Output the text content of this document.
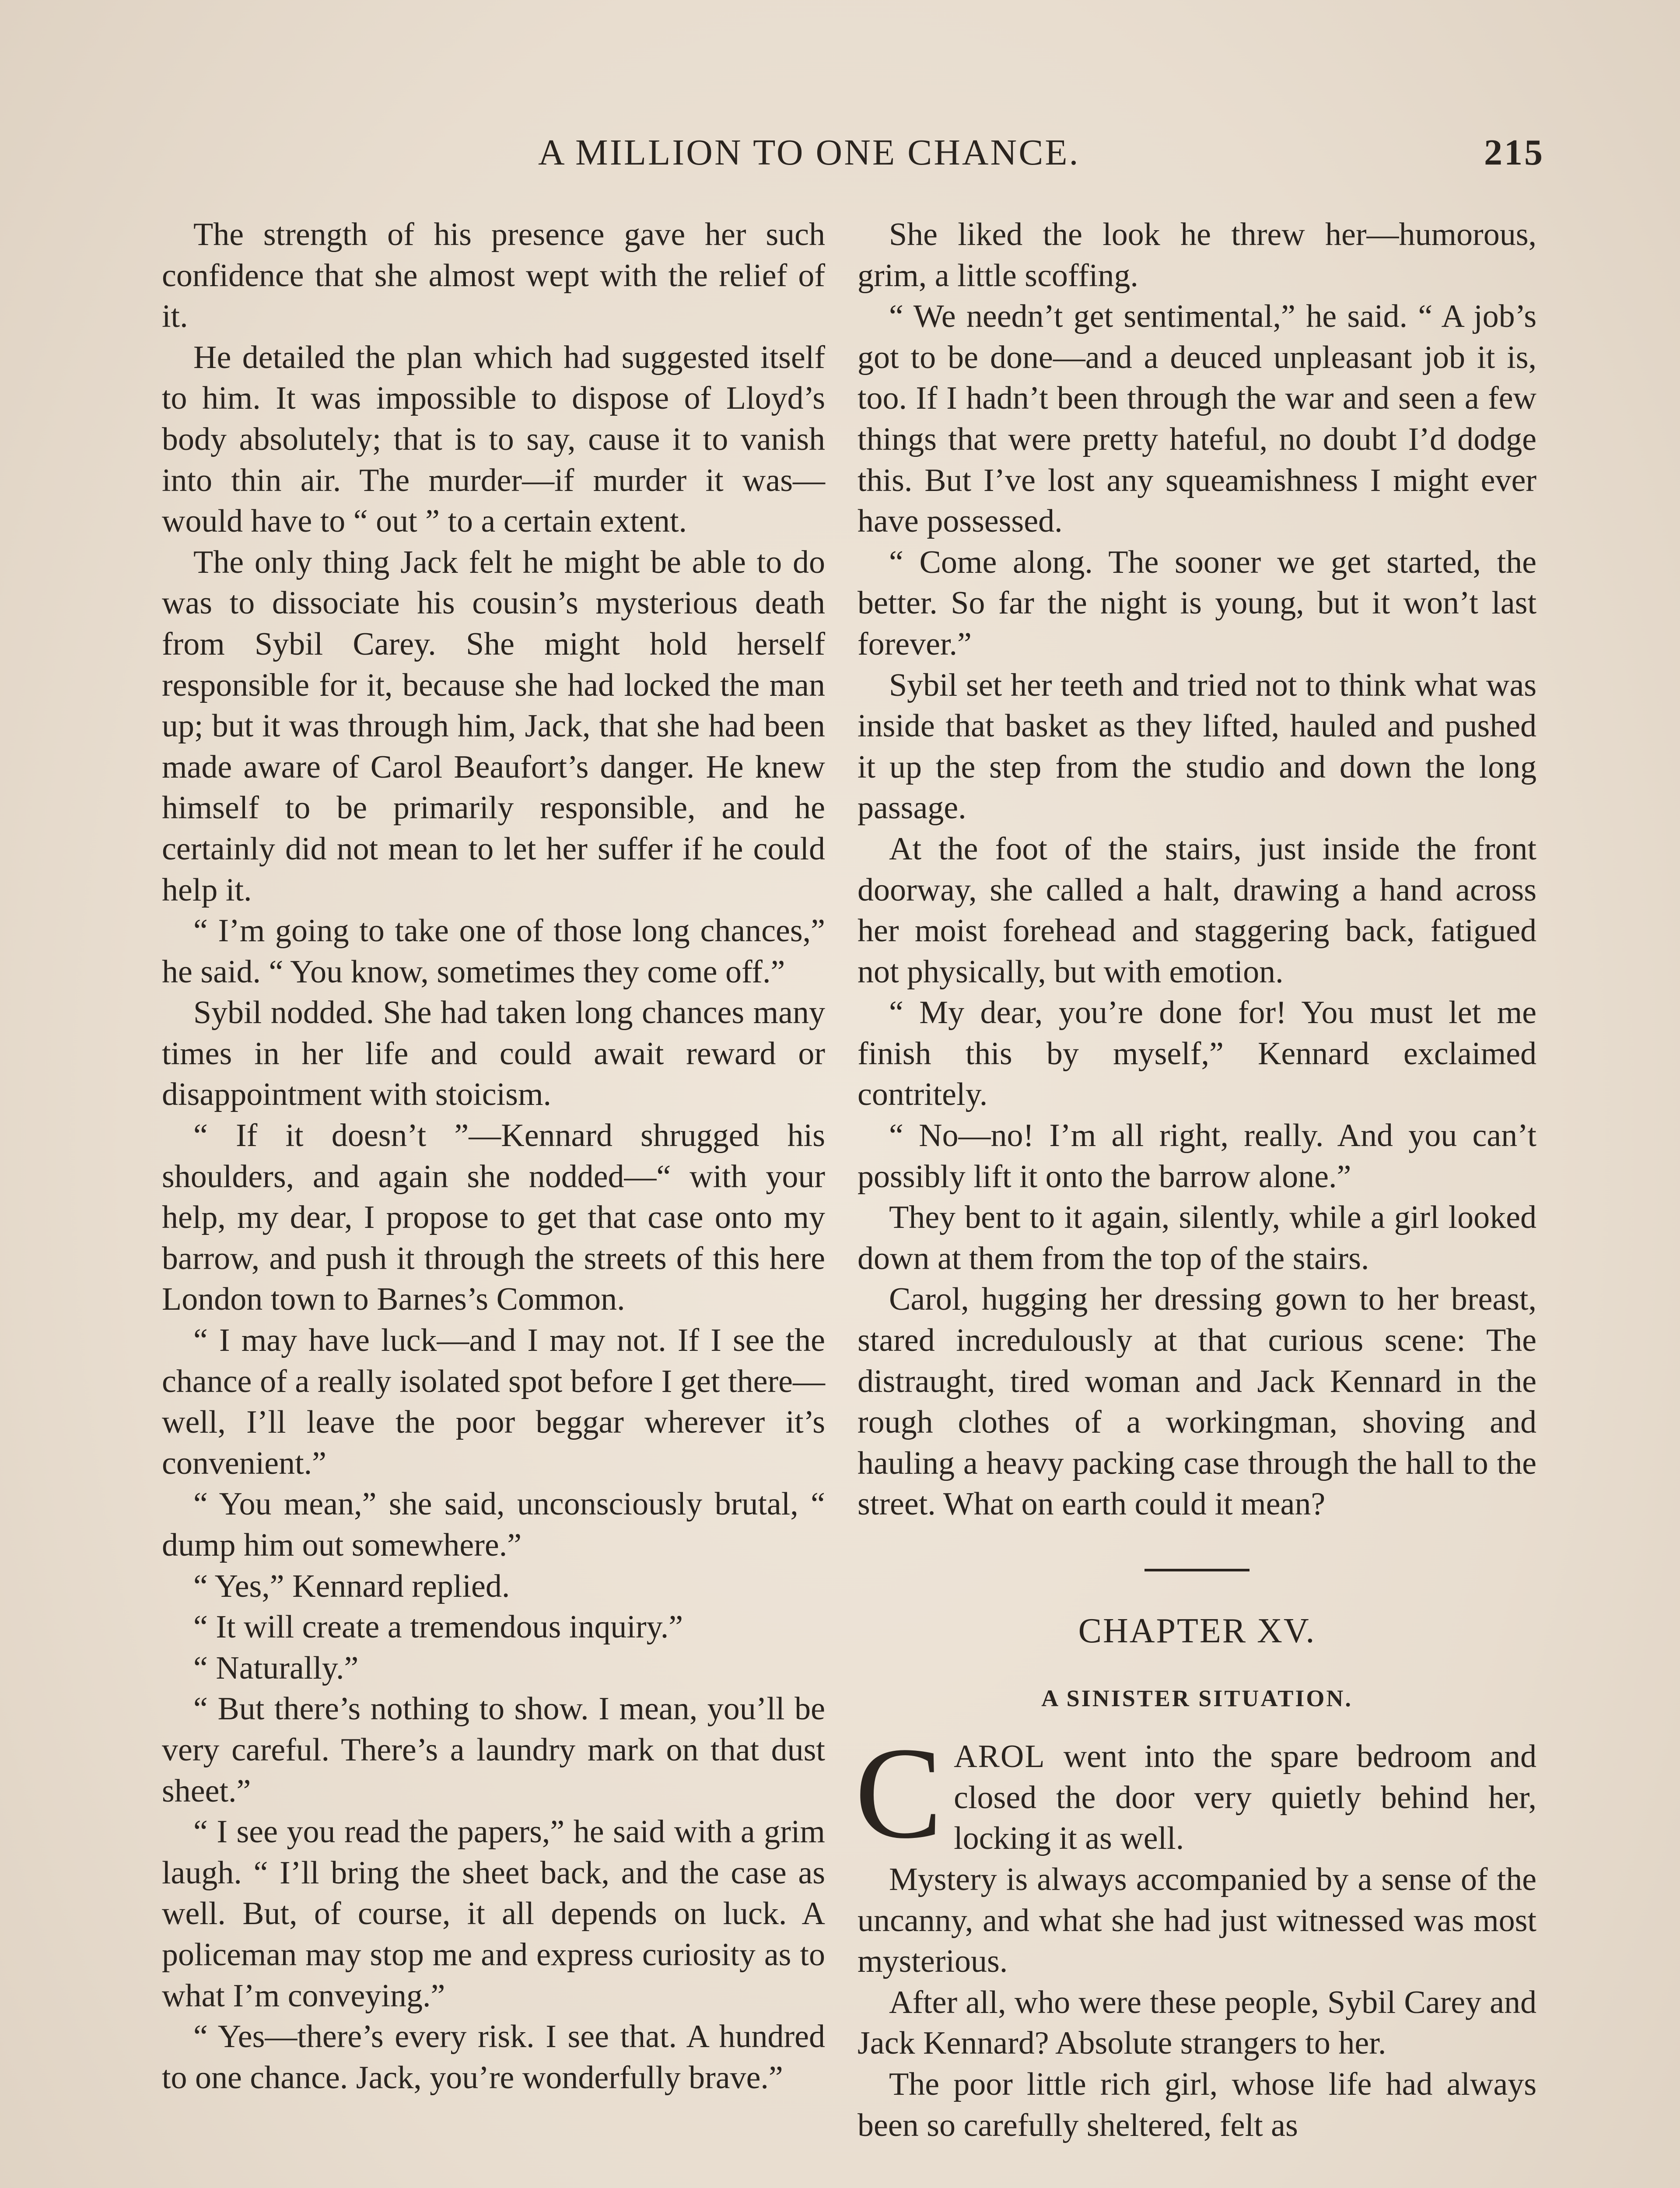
A MILLION TO ONE CHANCE.	215

The strength of his presence gave her such confidence that she almost wept with the relief of it.

He detailed the plan which had suggested itself to him. It was impossible to dispose of Lloyd’s body absolutely; that is to say, cause it to vanish into thin air. The murder—if murder it was—would have to “ out ” to a certain extent.

The only thing Jack felt he might be able to do was to dissociate his cousin’s mysterious death from Sybil Carey. She might hold herself responsible for it, because she had locked the man up; but it was through him, Jack, that she had been made aware of Carol Beaufort’s danger. He knew himself to be primarily responsible, and he certainly did not mean to let her suffer if he could help it.

“ I’m going to take one of those long chances,” he said. “ You know, sometimes they come off.”

Sybil nodded. She had taken long chances many times in her life and could await reward or disappointment with stoicism.

“ If it doesn’t ”—Kennard shrugged his shoulders, and again she nodded—“ with your help, my dear, I propose to get that case onto my barrow, and push it through the streets of this here London town to Barnes’s Common.

“ I may have luck—and I may not. If I see the chance of a really isolated spot before I get there—well, I’ll leave the poor beggar wherever it’s convenient.”

“ You mean,” she said, unconsciously brutal, “ dump him out somewhere.”

“ Yes,” Kennard replied.

“ It will create a tremendous inquiry.”

“ Naturally.”

“ But there’s nothing to show. I mean, you’ll be very careful. There’s a laundry mark on that dust sheet.”

“ I see you read the papers,” he said with a grim laugh. “ I’ll bring the sheet back, and the case as well. But, of course, it all depends on luck. A policeman may stop me and express curiosity as to what I’m conveying.”

“ Yes—there’s every risk. I see that. A hundred to one chance. Jack, you’re wonderfully brave.”

She liked the look he threw her—humorous, grim, a little scoffing.

“ We needn’t get sentimental,” he said. “ A job’s got to be done—and a deuced unpleasant job it is, too. If I hadn’t been through the war and seen a few things that were pretty hateful, no doubt I’d dodge this. But I’ve lost any squeamishness I might ever have possessed.

“ Come along. The sooner we get started, the better. So far the night is young, but it won’t last forever.”

Sybil set her teeth and tried not to think what was inside that basket as they lifted, hauled and pushed it up the step from the studio and down the long passage.

At the foot of the stairs, just inside the front doorway, she called a halt, drawing a hand across her moist forehead and staggering back, fatigued not physically, but with emotion.

“ My dear, you’re done for! You must let me finish this by myself,” Kennard exclaimed contritely.

“ No—no! I’m all right, really. And you can’t possibly lift it onto the barrow alone.”

They bent to it again, silently, while a girl looked down at them from the top of the stairs.

Carol, hugging her dressing gown to her breast, stared incredulously at that curious scene: The distraught, tired woman and Jack Kennard in the rough clothes of a workingman, shoving and hauling a heavy packing case through the hall to the street. What on earth could it mean?

CHAPTER XV.
A SINISTER SITUATION.

CAROL went into the spare bedroom and closed the door very quietly behind her, locking it as well.

Mystery is always accompanied by a sense of the uncanny, and what she had just witnessed was most mysterious.

After all, who were these people, Sybil Carey and Jack Kennard? Absolute strangers to her.

The poor little rich girl, whose life had always been so carefully sheltered, felt as
